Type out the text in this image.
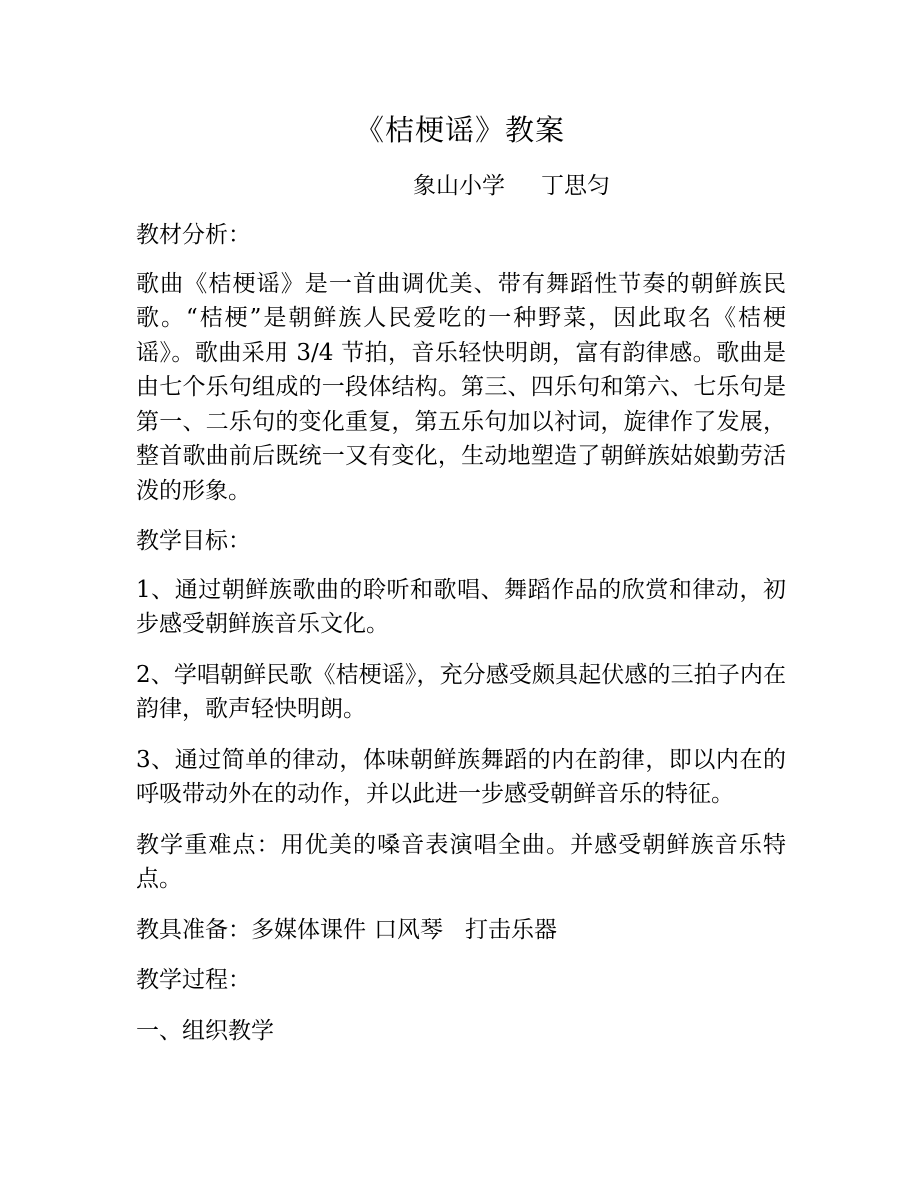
《桔梗谣》教案
象山小学 丁思匀

教材分析：

歌曲《桔梗谣》是一首曲调优美、带有舞蹈性节奏的朝鲜族民歌。“桔梗”是朝鲜族人民爱吃的一种野菜，因此取名《桔梗谣》。歌曲采用 3/4 节拍，音乐轻快明朗，富有韵律感。歌曲是由七个乐句组成的一段体结构。第三、四乐句和第六、七乐句是第一、二乐句的变化重复，第五乐句加以衬词，旋律作了发展，整首歌曲前后既统一又有变化，生动地塑造了朝鲜族姑娘勤劳活泼的形象。

教学目标：

1、通过朝鲜族歌曲的聆听和歌唱、舞蹈作品的欣赏和律动，初步感受朝鲜族音乐文化。

2、学唱朝鲜民歌《桔梗谣》，充分感受颇具起伏感的三拍子内在韵律，歌声轻快明朗。

3、通过简单的律动，体味朝鲜族舞蹈的内在韵律，即以内在的呼吸带动外在的动作，并以此进一步感受朝鲜音乐的特征。

教学重难点：用优美的嗓音表演唱全曲。并感受朝鲜族音乐特点。

教具准备：多媒体课件 口风琴 打击乐器

教学过程：

一、组织教学
